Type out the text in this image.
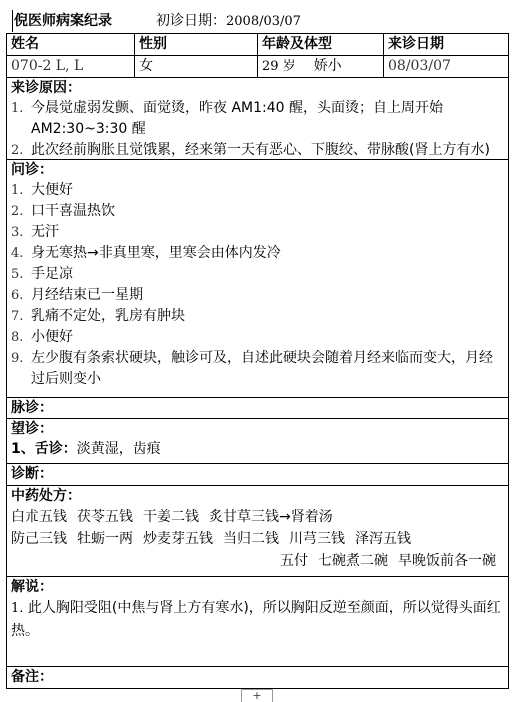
倪医师病案纪录	初诊日期：2008/03/07
姓名	性别	年龄及体型	来诊日期
070-2 L, L	女	29 岁 娇小	08/03/07
来诊原因：
1. 今晨觉虚弱发颤、面觉烫，昨夜 AM1:40 醒，头面烫；自上周开始 AM2:30~3:30 醒
2. 此次经前胸胀且觉饿累，经来第一天有恶心、下腹绞、带脉酸(肾上方有水)
问诊：
1. 大便好
2. 口干喜温热饮
3. 无汗
4. 身无寒热→非真里寒，里寒会由体内发冷
5. 手足凉
6. 月经结束已一星期
7. 乳痛不定处，乳房有肿块
8. 小便好
9. 左少腹有条索状硬块，触诊可及，自述此硬块会随着月经来临而变大，月经过后则变小
脉诊：
望诊：
1、舌诊：淡黄湿，齿痕
诊断：
中药处方：
白朮五钱 茯苓五钱 干姜二钱 炙甘草三钱→肾着汤
防己三钱 牡蛎一两 炒麦芽五钱 当归二钱 川芎三钱 泽泻五钱
五付 七碗煮二碗 早晚饭前各一碗
解说：
1. 此人胸阳受阻(中焦与肾上方有寒水)，所以胸阳反逆至颜面，所以觉得头面红热。
备注：
+
